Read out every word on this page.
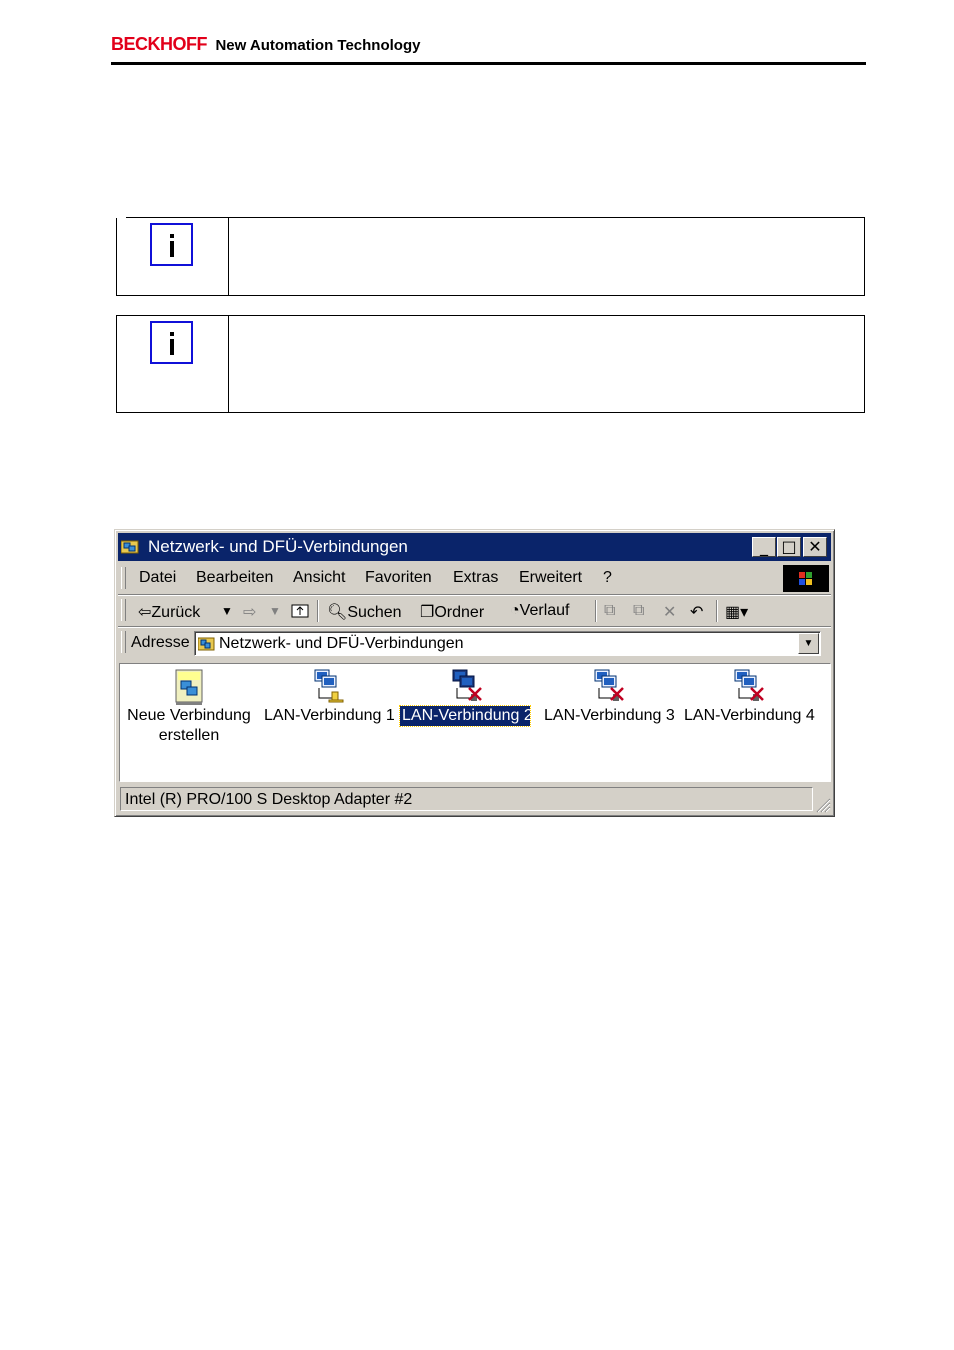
BECKHOFF New Automation Technology
Netzwerk- und DFÜ-Verbindungen	_ □ ✕
Datei Bearbeiten Ansicht Favoriten Extras Erweitert ?
⇦Zurück ▼ ⇨ ▼	🔍︎Suchen ❐Ordner ◔Verlauf ⧉ ⧉ ✕ ↶ ▦▾
Adresse Netzwerk- und DFÜ-Verbindungen	▼
Neue Verbindung
erstellen
LAN-Verbindung 1 LAN-Verbindung 2 LAN-Verbindung 3 LAN-Verbindung 4
Intel (R) PRO/100 S Desktop Adapter #2
